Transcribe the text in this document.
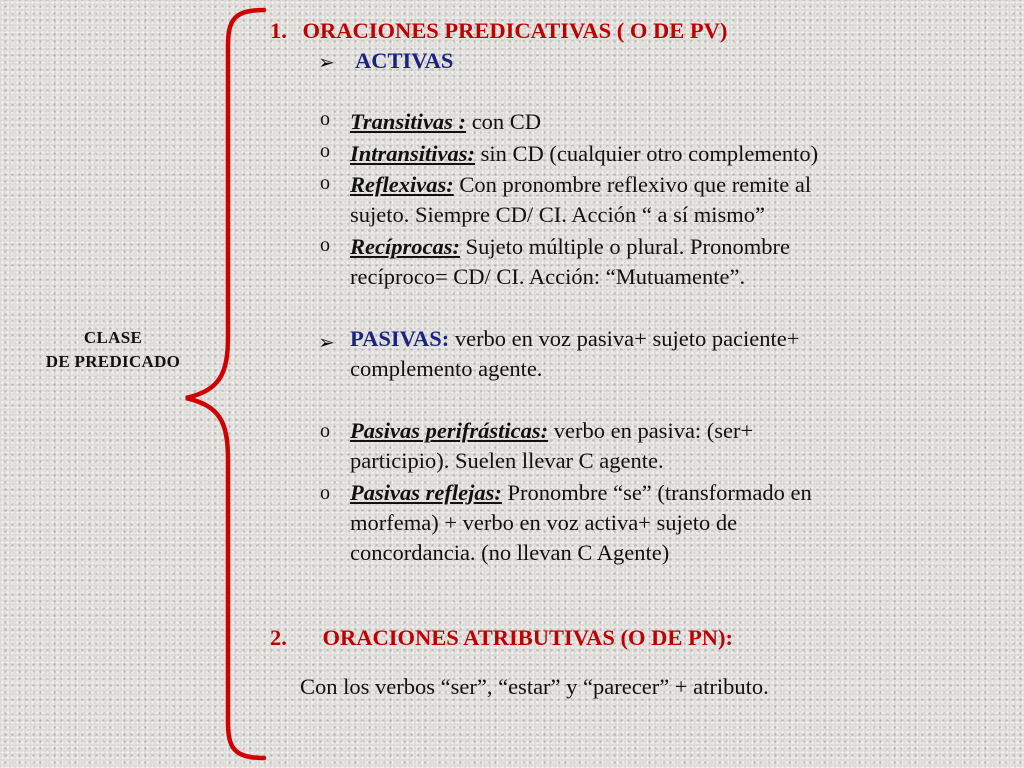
CLASE
DE PREDICADO
1. ORACIONES PREDICATIVAS ( O DE PV)
➢ ACTIVAS
o Transitivas : con CD
o Intransitivas: sin CD (cualquier otro complemento)
o Reflexivas: Con pronombre reflexivo que remite al
sujeto. Siempre CD/ CI. Acción “ a sí mismo”
o Recíprocas: Sujeto múltiple o plural. Pronombre
recíproco= CD/ CI. Acción: “Mutuamente”.
➢ PASIVAS: verbo en voz pasiva+ sujeto paciente+
complemento agente.
o Pasivas perifrásticas: verbo en pasiva: (ser+
participio). Suelen llevar C agente.
o Pasivas reflejas: Pronombre “se” (transformado en
morfema) + verbo en voz activa+ sujeto de
concordancia. (no llevan C Agente)
2. ORACIONES ATRIBUTIVAS (O DE PN):
Con los verbos “ser”, “estar” y “parecer” + atributo.
